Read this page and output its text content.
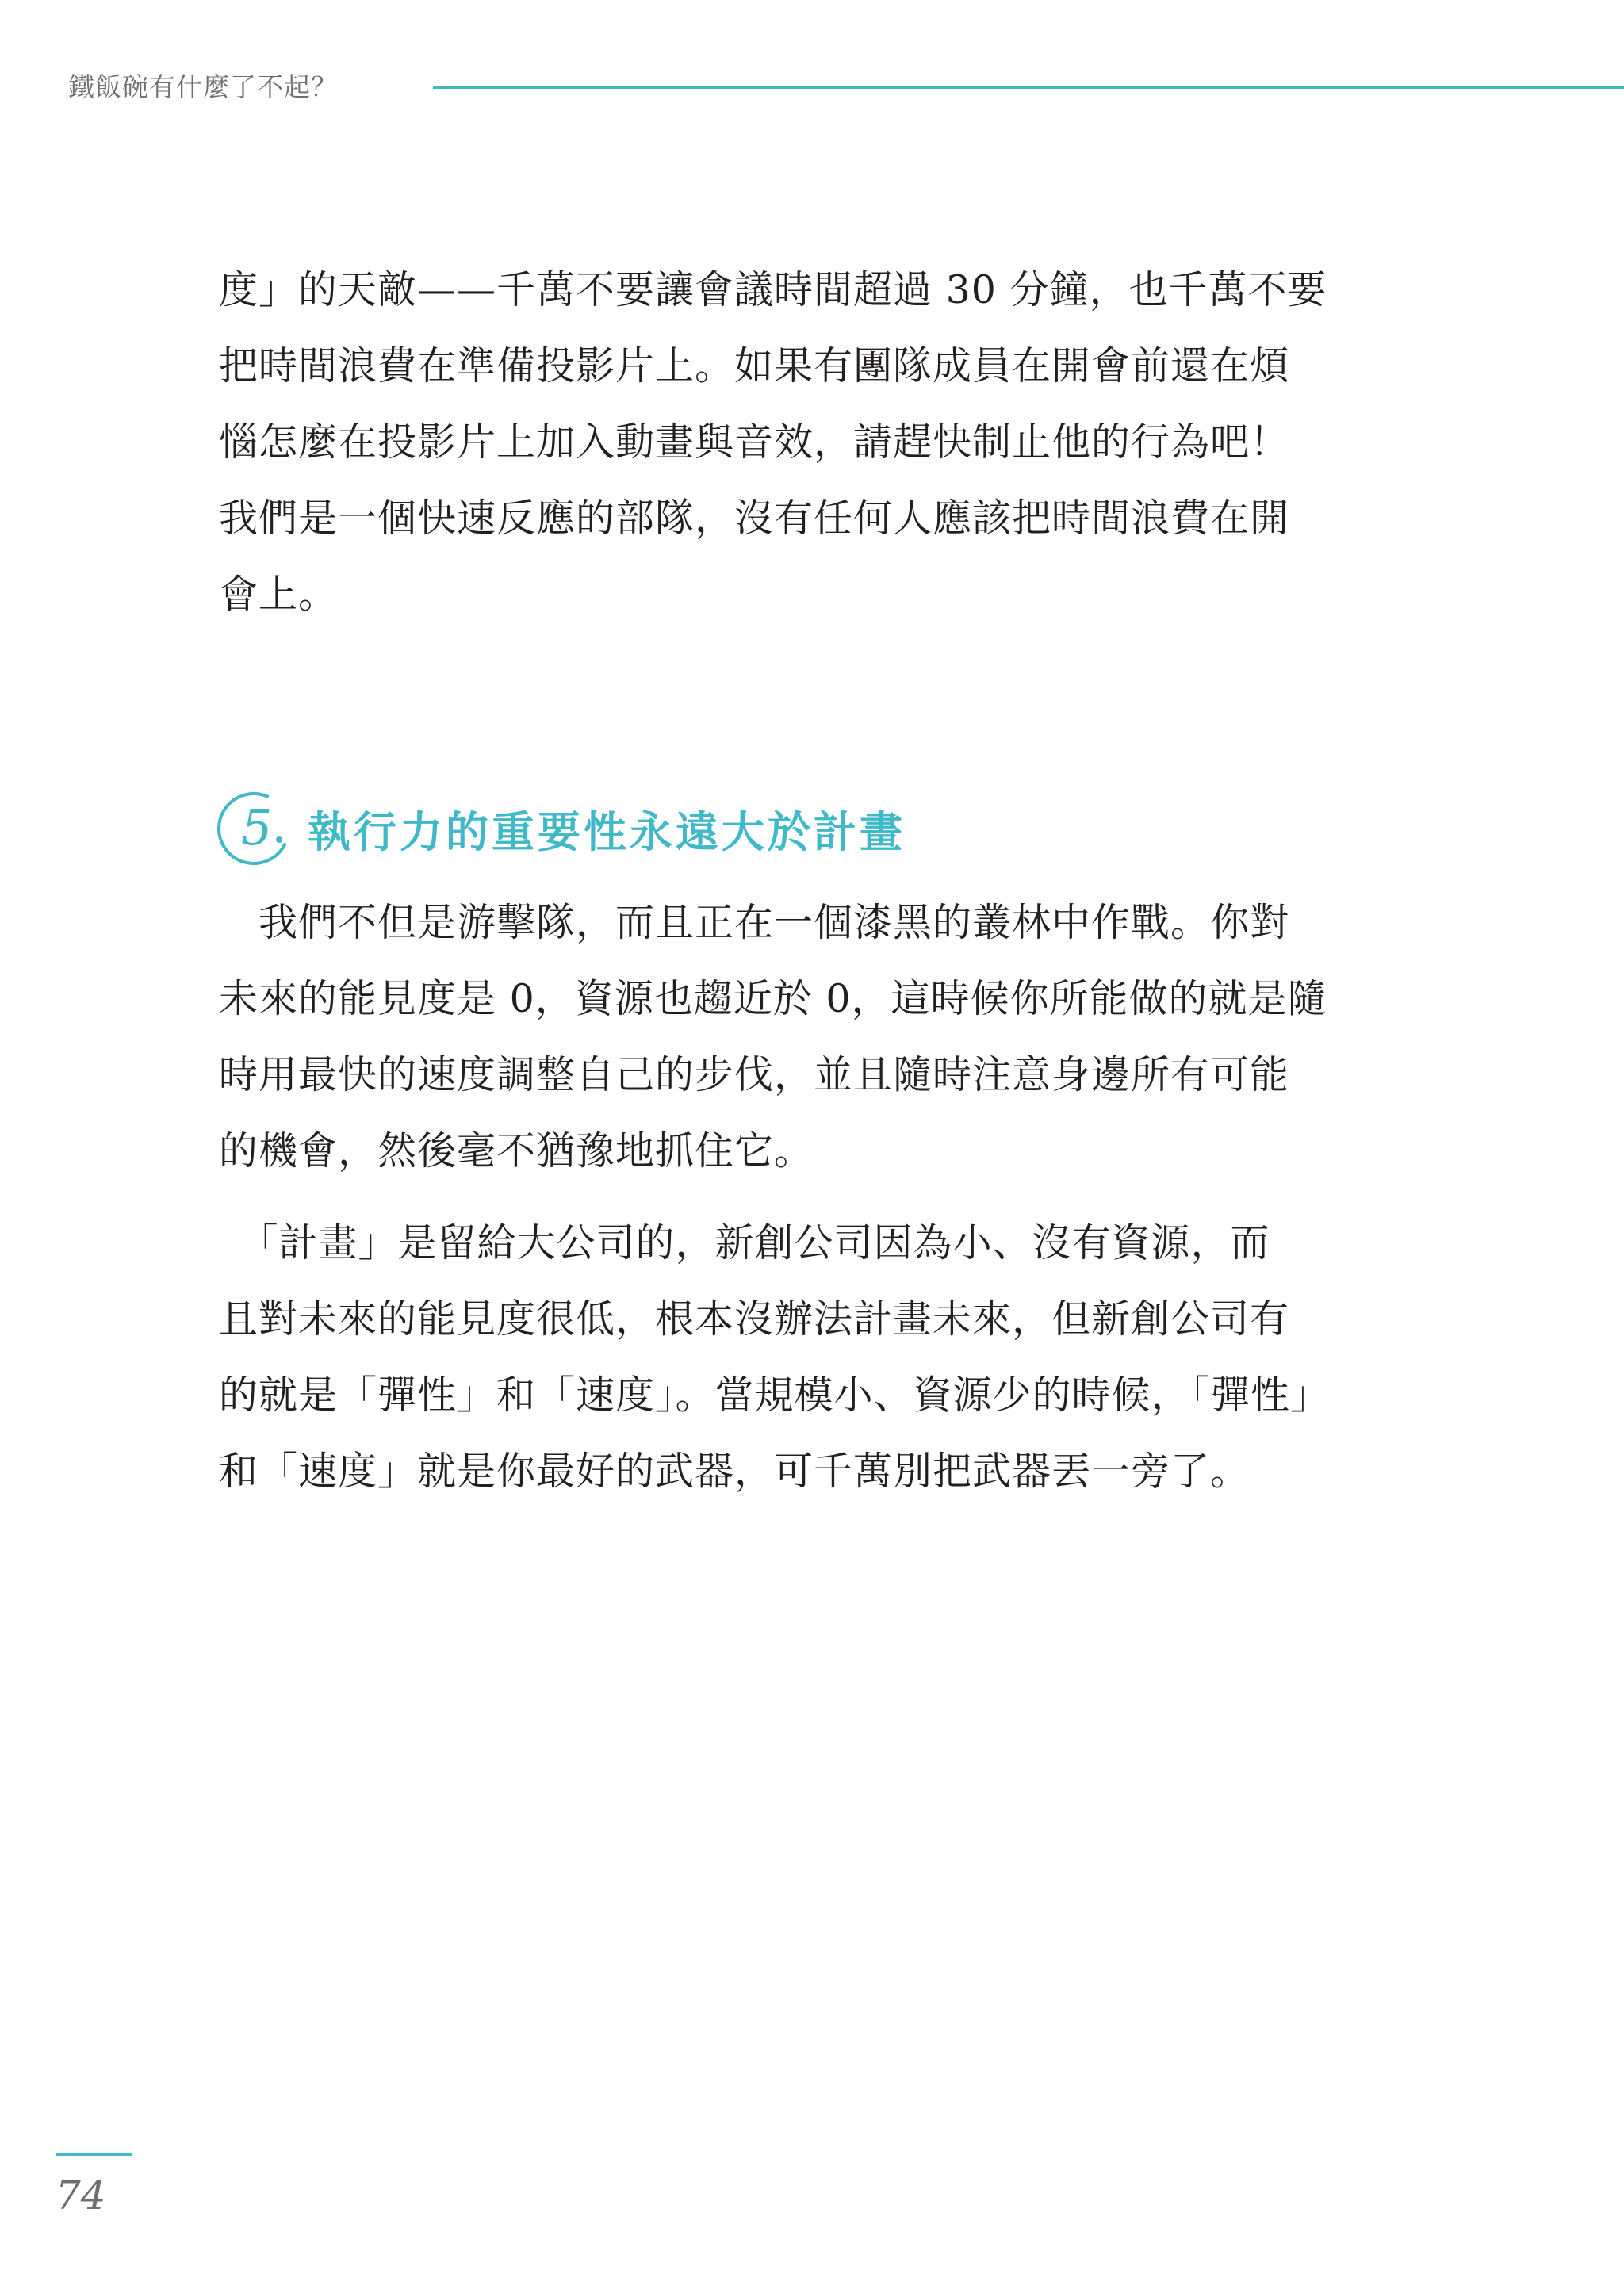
鐵飯碗有什麼了不起？
度」的天敵——千萬不要讓會議時間超過 30 分鐘，也千萬不要
把時間浪費在準備投影片上。如果有團隊成員在開會前還在煩
惱怎麼在投影片上加入動畫與音效，請趕快制止他的行為吧！
我們是一個快速反應的部隊，沒有任何人應該把時間浪費在開
會上。
5 執行力的重要性永遠大於計畫
　我們不但是游擊隊，而且正在一個漆黑的叢林中作戰。你對
未來的能見度是 0，資源也趨近於 0，這時候你所能做的就是隨
時用最快的速度調整自己的步伐，並且隨時注意身邊所有可能
的機會，然後毫不猶豫地抓住它。
　「計畫」是留給大公司的，新創公司因為小、沒有資源，而
且對未來的能見度很低，根本沒辦法計畫未來，但新創公司有
的就是「彈性」和「速度」。當規模小、資源少的時候，「彈性」
和「速度」就是你最好的武器，可千萬別把武器丟一旁了。
74
